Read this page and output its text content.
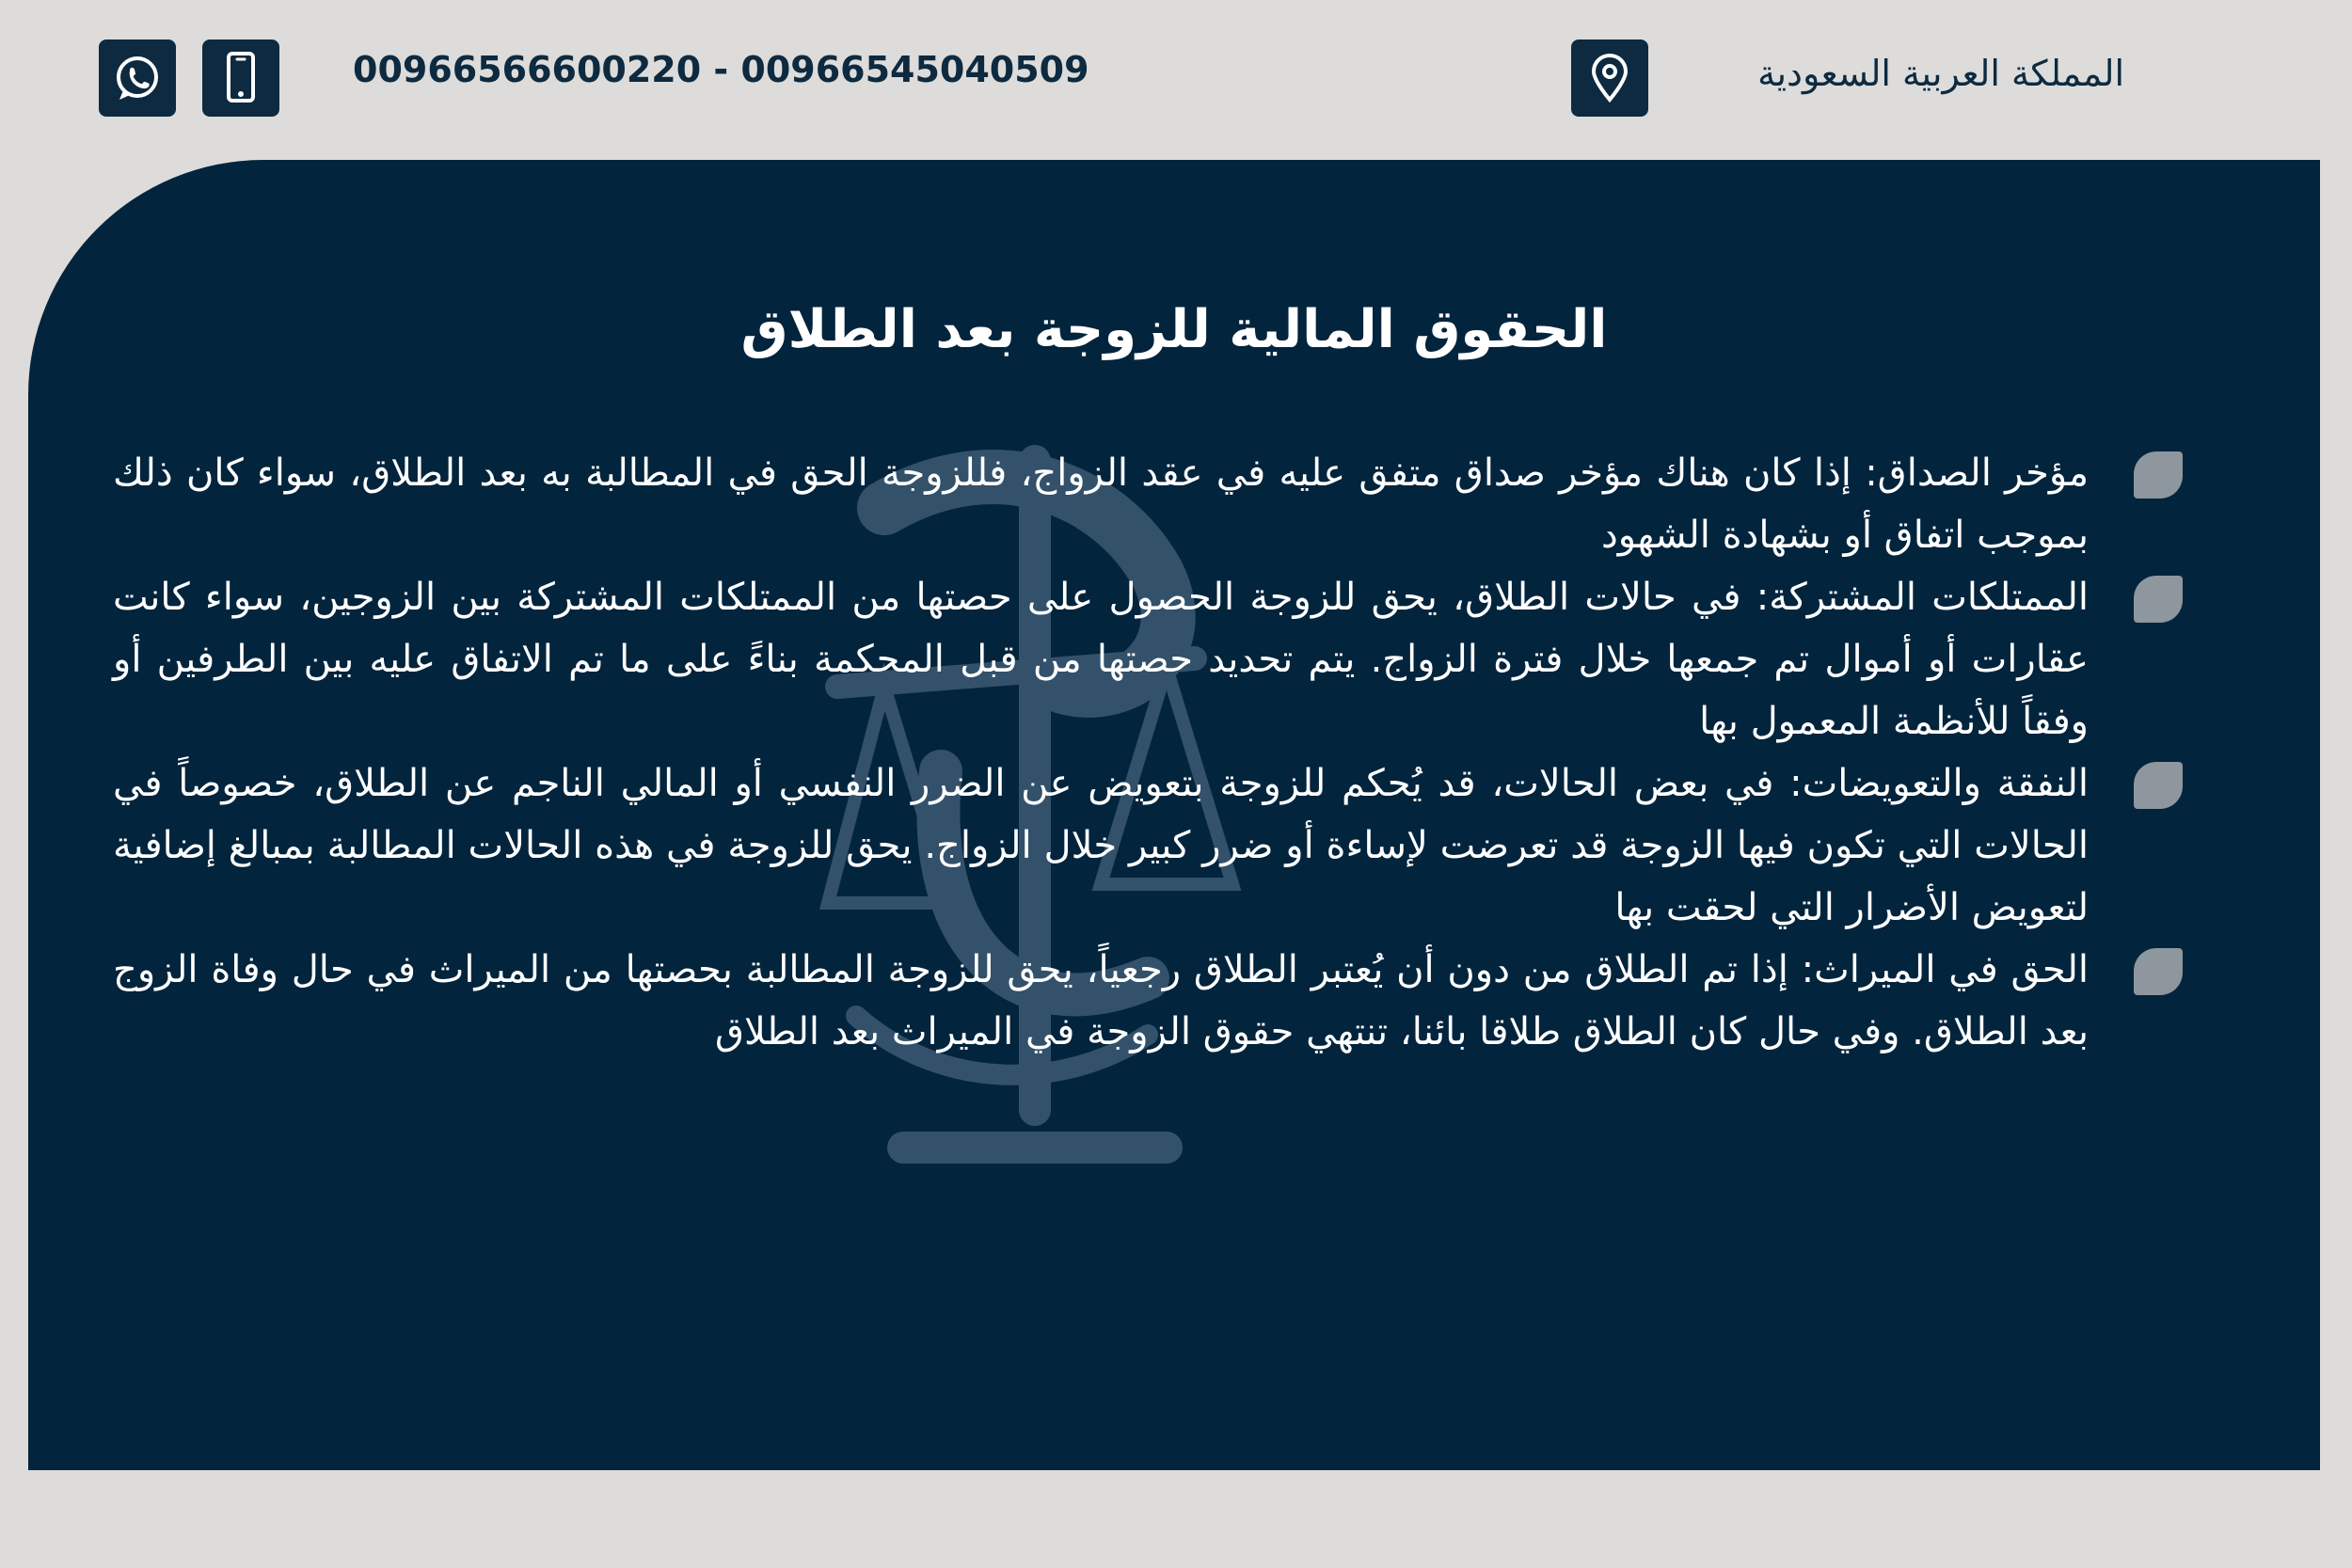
00966566600220 - 00966545040509	المملكة العربية السعودية
الحقوق المالية للزوجة بعد الطلاق
مؤخر الصداق: إذا كان هناك مؤخر صداق متفق عليه في عقد الزواج، فللزوجة الحق في المطالبة به بعد الطلاق، سواء كان ذلك بموجب اتفاق أو بشهادة الشهود
الممتلكات المشتركة: في حالات الطلاق، يحق للزوجة الحصول على حصتها من الممتلكات المشتركة بين الزوجين، سواء كانت عقارات أو أموال تم جمعها خلال فترة الزواج. يتم تحديد حصتها من قبل المحكمة بناءً على ما تم الاتفاق عليه بين الطرفين أو وفقاً للأنظمة المعمول بها
النفقة والتعويضات: في بعض الحالات، قد يُحكم للزوجة بتعويض عن الضرر النفسي أو المالي الناجم عن الطلاق، خصوصاً في الحالات التي تكون فيها الزوجة قد تعرضت لإساءة أو ضرر كبير خلال الزواج. يحق للزوجة في هذه الحالات المطالبة بمبالغ إضافية لتعويض الأضرار التي لحقت بها
الحق في الميراث: إذا تم الطلاق من دون أن يُعتبر الطلاق رجعياً، يحق للزوجة المطالبة بحصتها من الميراث في حال وفاة الزوج بعد الطلاق. وفي حال كان الطلاق طلاقا بائنا، تنتهي حقوق الزوجة في الميراث بعد الطلاق
